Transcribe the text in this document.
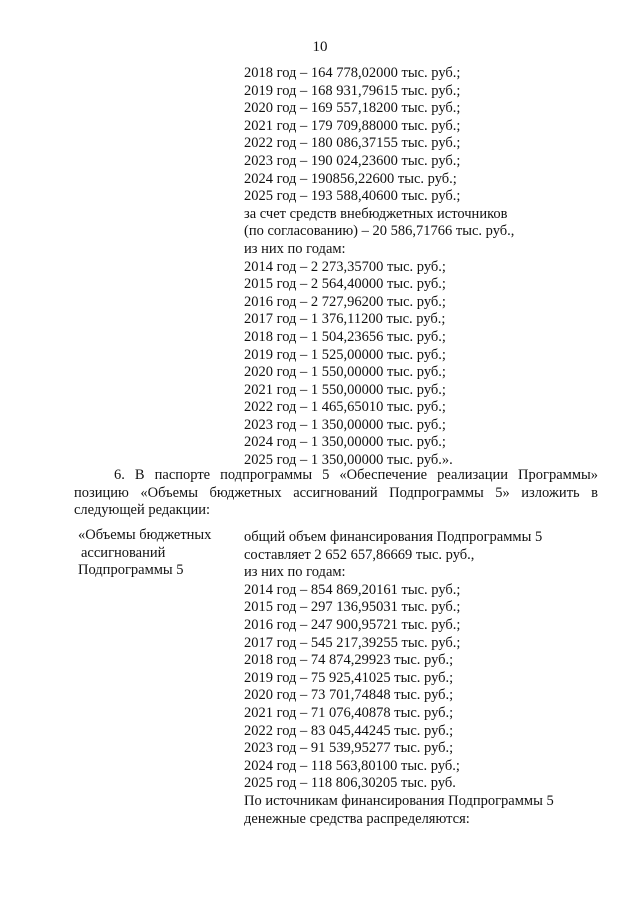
10
2018 год – 164 778,02000 тыс. руб.;
2019 год – 168 931,79615 тыс. руб.;
2020 год – 169 557,18200 тыс. руб.;
2021 год – 179 709,88000 тыс. руб.;
2022 год – 180 086,37155 тыс. руб.;
2023 год – 190 024,23600 тыс. руб.;
2024 год – 190856,22600 тыс. руб.;
2025 год – 193 588,40600 тыс. руб.;
за счет средств внебюджетных источников
(по согласованию) – 20 586,71766 тыс. руб.,
из них по годам:
2014 год – 2 273,35700 тыс. руб.;
2015 год – 2 564,40000 тыс. руб.;
2016 год – 2 727,96200 тыс. руб.;
2017 год – 1 376,11200 тыс. руб.;
2018 год – 1 504,23656 тыс. руб.;
2019 год – 1 525,00000 тыс. руб.;
2020 год – 1 550,00000 тыс. руб.;
2021 год – 1 550,00000 тыс. руб.;
2022 год – 1 465,65010 тыс. руб.;
2023 год – 1 350,00000 тыс. руб.;
2024 год – 1 350,00000 тыс. руб.;
2025 год – 1 350,00000 тыс. руб.».
6. В паспорте подпрограммы 5 «Обеспечение реализации Программы»
позицию «Объемы бюджетных ассигнований Подпрограммы 5» изложить в
следующей редакции:
«Объемы бюджетных
ассигнований
Подпрограммы 5
общий объем финансирования Подпрограммы 5
составляет 2 652 657,86669 тыс. руб.,
из них по годам:
2014 год – 854 869,20161 тыс. руб.;
2015 год – 297 136,95031 тыс. руб.;
2016 год – 247 900,95721 тыс. руб.;
2017 год – 545 217,39255 тыс. руб.;
2018 год – 74 874,29923 тыс. руб.;
2019 год – 75 925,41025 тыс. руб.;
2020 год – 73 701,74848 тыс. руб.;
2021 год – 71 076,40878 тыс. руб.;
2022 год – 83 045,44245 тыс. руб.;
2023 год – 91 539,95277 тыс. руб.;
2024 год – 118 563,80100 тыс. руб.;
2025 год – 118 806,30205 тыс. руб.
По источникам финансирования Подпрограммы 5
денежные средства распределяются:
